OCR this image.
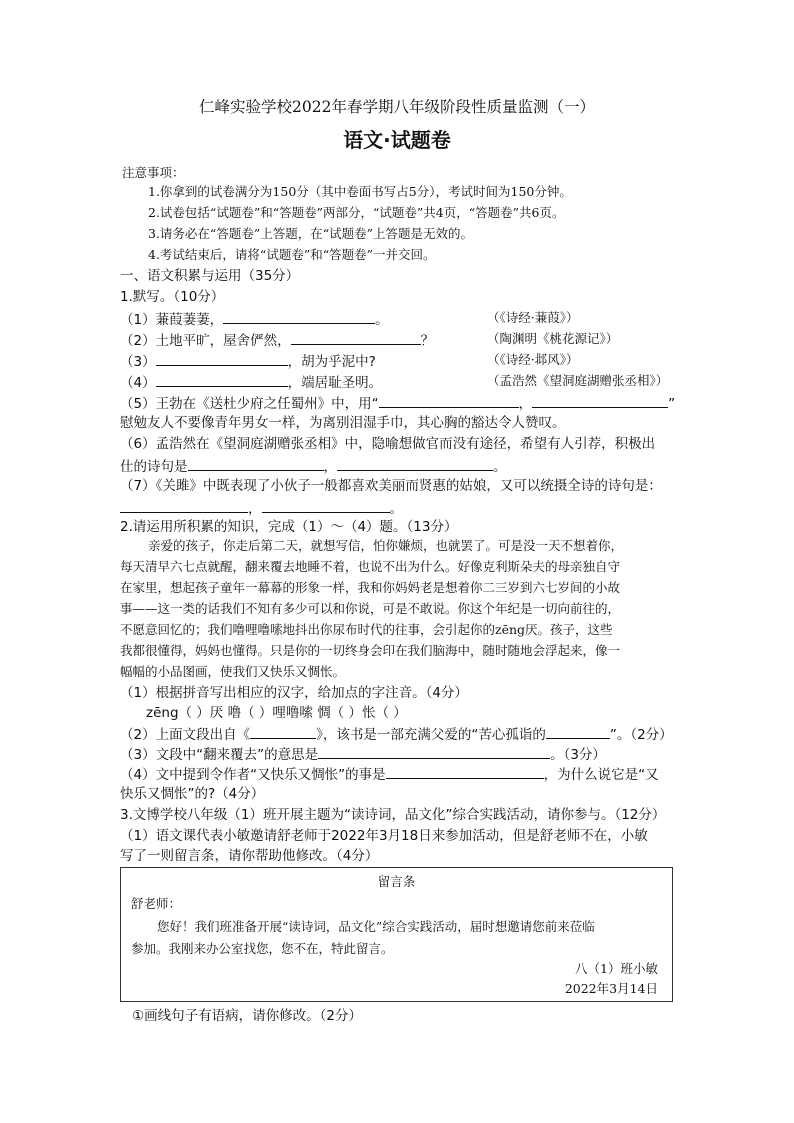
仁峰实验学校2022年春学期八年级阶段性质量监测（一）
语文·试题卷
注意事项：
1.你拿到的试卷满分为150分（其中卷面书写占5分），考试时间为150分钟。
2.试卷包括“试题卷”和“答题卷”两部分，“试题卷”共4页，“答题卷”共6页。
3.请务必在“答题卷”上答题，在“试题卷”上答题是无效的。
4.考试结束后，请将“试题卷”和“答题卷”一并交回。
一、语文积累与运用（35分）
1.默写。（10分）
（1）蒹葭萋萋，	。	（《诗经·蒹葭》）
（2）土地平旷，屋舍俨然，	？	（陶渊明《桃花源记》）
（3）	，胡为乎泥中?	（《诗经·邶风》）
（4）	，端居耻圣明。	（孟浩然《望洞庭湖赠张丞相》）
（5）王勃在《送杜少府之任蜀州》中，用“	，	”
慰勉友人不要像青年男女一样，为离别泪湿手巾，其心胸的豁达令人赞叹。
（6）孟浩然在《望洞庭湖赠张丞相》中，隐喻想做官而没有途径，希望有人引荐，积极出
仕的诗句是	，	。
（7）《关雎》中既表现了小伙子一般都喜欢美丽而贤惠的姑娘，又可以统摄全诗的诗句是：
，	。
2.请运用所积累的知识，完成（1）～（4）题。（13分）
亲爱的孩子，你走后第二天，就想写信，怕你嫌烦，也就罢了。可是没一天不想着你，
每天清早六七点就醒，翻来覆去地睡不着，也说不出为什么。好像克利斯朵夫的母亲独自守
在家里，想起孩子童年一幕幕的形象一样，我和你妈妈老是想着你二三岁到六七岁间的小故
事——这一类的话我们不知有多少可以和你说，可是不敢说。你这个年纪是一切向前往的，
不愿意回忆的；我们噜哩噜嗦地抖出你尿布时代的往事，会引起你的zēng厌。孩子，这些
我都很懂得，妈妈也懂得。只是你的一切终身会印在我们脑海中，随时随地会浮起来，像一
幅幅的小品图画，使我们又快乐又惆怅。
（1）根据拼音写出相应的汉字，给加点的字注音。（4分）
zēng（ ）厌 噜（ ）哩噜嗦 惆（ ）怅（ ）
（2）上面文段出自《	》，该书是一部充满父爱的“苦心孤诣的	”。（2分）
（3）文段中“翻来覆去”的意思是	。（3分）
（4）文中提到令作者“又快乐又惆怅”的事是	，为什么说它是“又
快乐又惆怅”的?（4分）
3.文博学校八年级（1）班开展主题为“读诗词，品文化”综合实践活动，请你参与。（12分）
（1）语文课代表小敏邀请舒老师于2022年3月18日来参加活动，但是舒老师不在，小敏
写了一则留言条，请你帮助他修改。（4分）
留言条
舒老师：
您好！我们班准备开展“读诗词，品文化”综合实践活动，届时想邀请您前来莅临
参加。我刚来办公室找您，您不在，特此留言。
八（1）班小敏
2022年3月14日
①画线句子有语病，请你修改。（2分）
